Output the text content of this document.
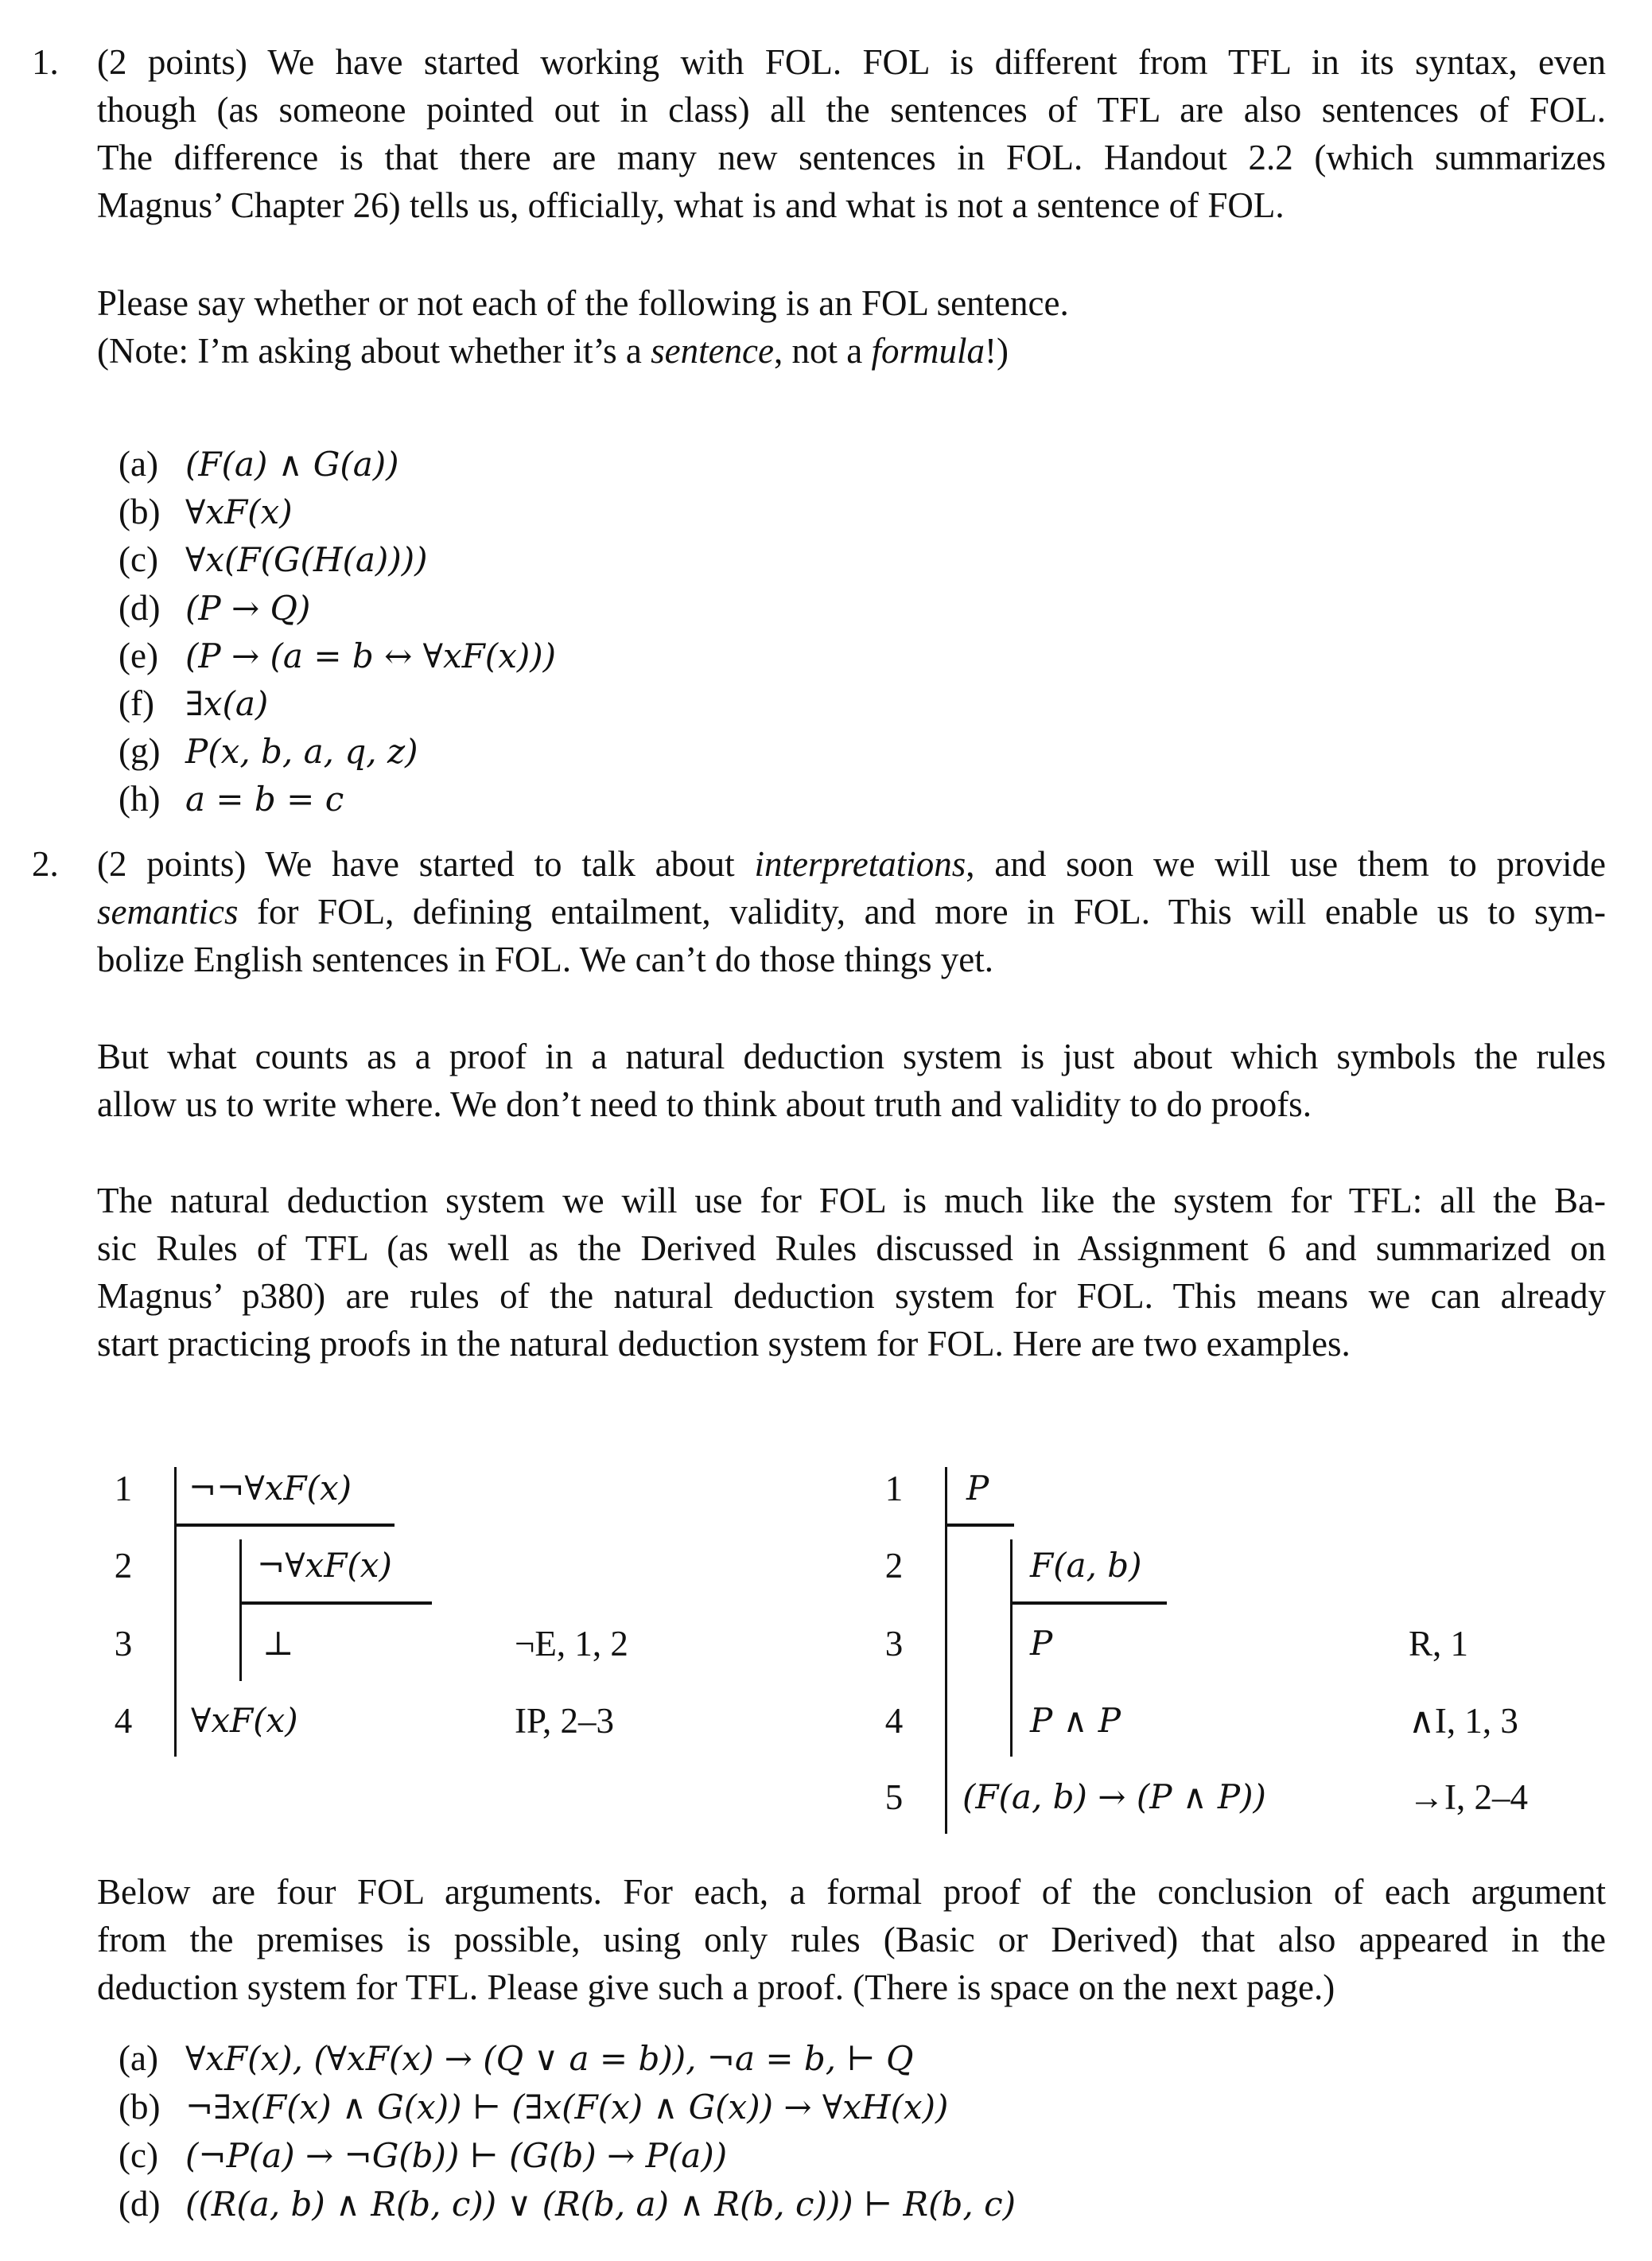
1. (2 points) We have started working with FOL. FOL is different from TFL in its syntax, even
though (as someone pointed out in class) all the sentences of TFL are also sentences of FOL.
The difference is that there are many new sentences in FOL. Handout 2.2 (which summarizes
Magnus’ Chapter 26) tells us, officially, what is and what is not a sentence of FOL.
Please say whether or not each of the following is an FOL sentence.
(Note: I’m asking about whether it’s a sentence, not a formula!)
(a) (F(a) ∧ G(a))
(b) ∀xF(x)
(c) ∀x(F(G(H(a))))
(d) (P → Q)
(e) (P → (a = b ↔ ∀xF(x)))
(f) ∃x(a)
(g) P(x, b, a, q, z)
(h) a = b = c
2. (2 points) We have started to talk about interpretations, and soon we will use them to provide
semantics for FOL, defining entailment, validity, and more in FOL. This will enable us to sym-
bolize English sentences in FOL. We can’t do those things yet.
But what counts as a proof in a natural deduction system is just about which symbols the rules
allow us to write where. We don’t need to think about truth and validity to do proofs.
The natural deduction system we will use for FOL is much like the system for TFL: all the Ba-
sic Rules of TFL (as well as the Derived Rules discussed in Assignment 6 and summarized on
Magnus’ p380) are rules of the natural deduction system for FOL. This means we can already
start practicing proofs in the natural deduction system for FOL. Here are two examples.
1 ¬¬∀xF(x)
2	¬∀xF(x)
3	⊥	¬E, 1, 2
4 ∀xF(x)	IP, 2–3
1 P
2	F(a, b)
3	P	R, 1
4	P ∧ P	∧I, 1, 3
5 (F(a, b) → (P ∧ P))	→I, 2–4
Below are four FOL arguments. For each, a formal proof of the conclusion of each argument
from the premises is possible, using only rules (Basic or Derived) that also appeared in the
deduction system for TFL. Please give such a proof. (There is space on the next page.)
(a) ∀xF(x), (∀xF(x) → (Q ∨ a = b)), ¬a = b, ⊢ Q
(b) ¬∃x(F(x) ∧ G(x)) ⊢ (∃x(F(x) ∧ G(x)) → ∀xH(x))
(c) (¬P(a) → ¬G(b)) ⊢ (G(b) → P(a))
(d) ((R(a, b) ∧ R(b, c)) ∨ (R(b, a) ∧ R(b, c))) ⊢ R(b, c)
